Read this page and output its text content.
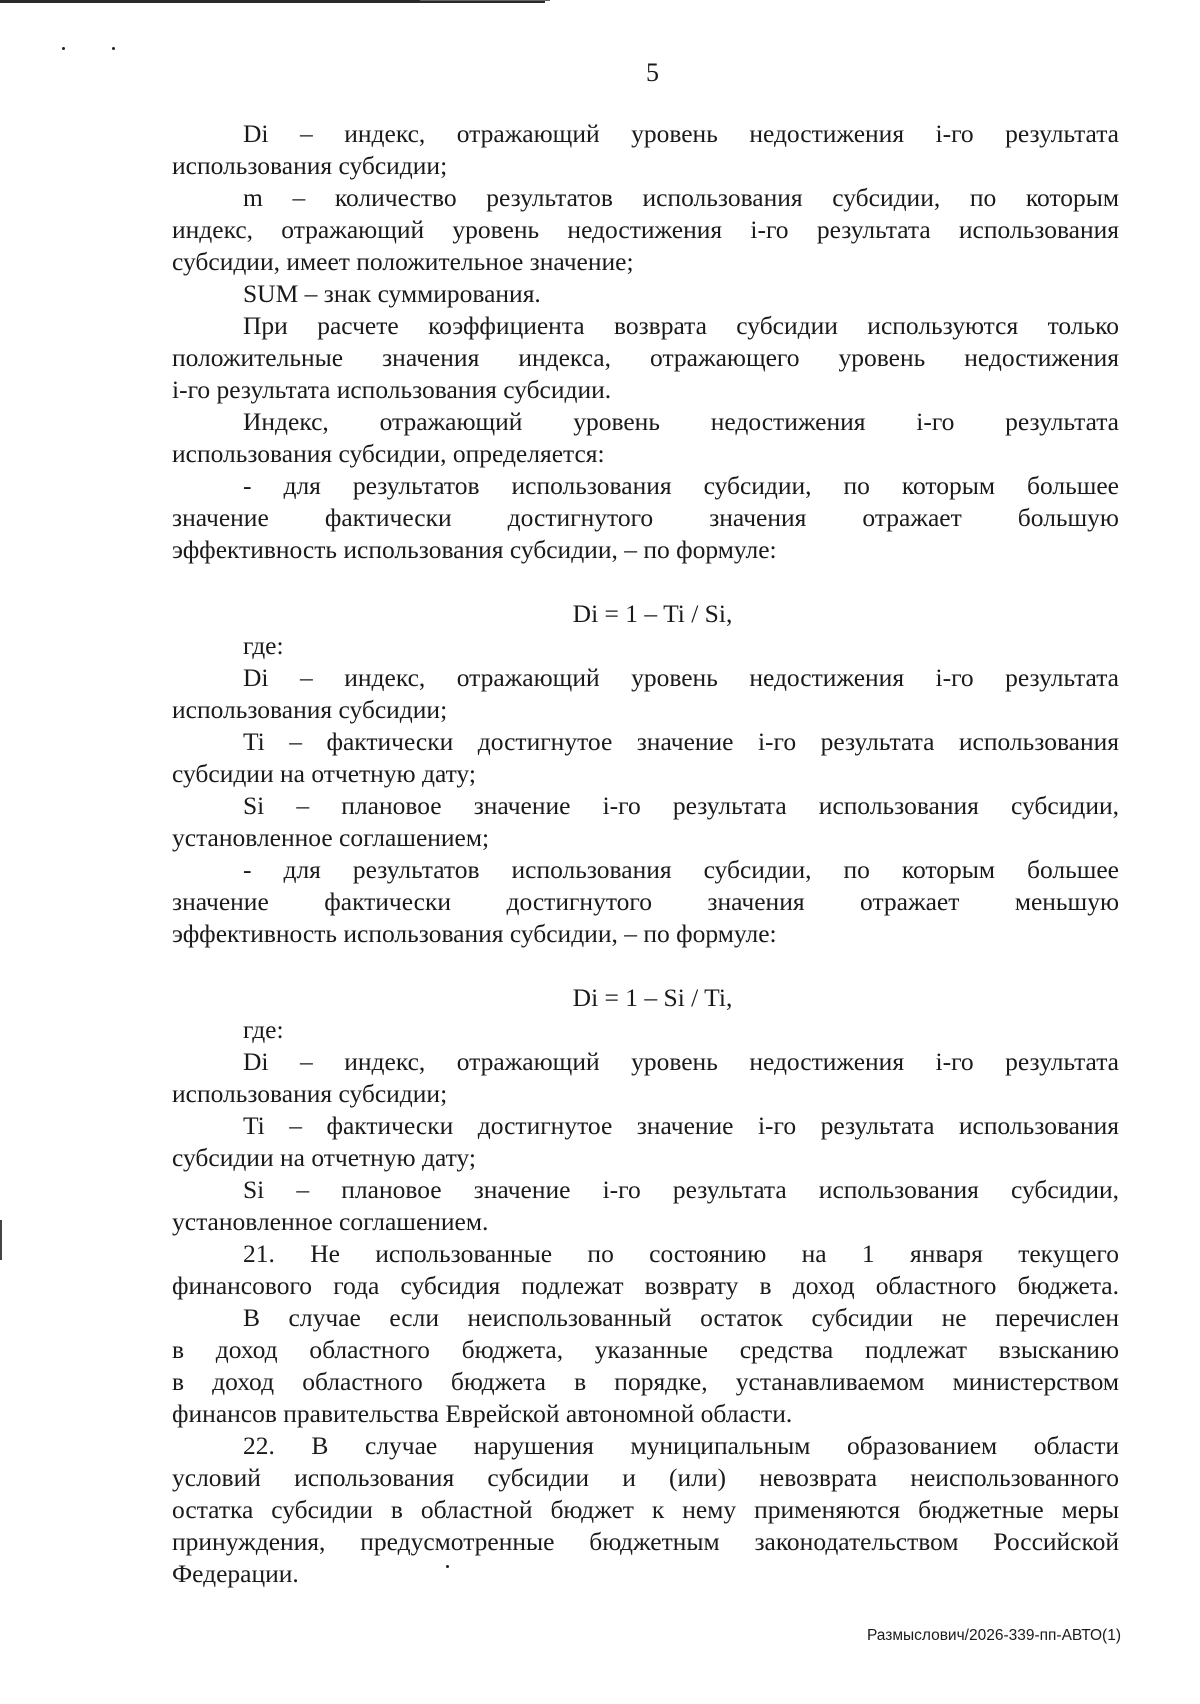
5
Di – индекс, отражающий уровень недостижения i-го результата
использования субсидии;
m – количество результатов использования субсидии, по которым
индекс, отражающий уровень недостижения i-го результата использования
субсидии, имеет положительное значение;
SUM – знак суммирования.
При расчете коэффициента возврата субсидии используются только
положительные значения индекса, отражающего уровень недостижения
i-го результата использования субсидии.
Индекс, отражающий уровень недостижения i-го результата
использования субсидии, определяется:
- для результатов использования субсидии, по которым большее
значение фактически достигнутого значения отражает большую
эффективность использования субсидии, – по формуле:
Di = 1 – Ti / Si,
где:
Di – индекс, отражающий уровень недостижения i-го результата
использования субсидии;
Ti – фактически достигнутое значение i-го результата использования
субсидии на отчетную дату;
Si – плановое значение i-го результата использования субсидии,
установленное соглашением;
- для результатов использования субсидии, по которым большее
значение фактически достигнутого значения отражает меньшую
эффективность использования субсидии, – по формуле:
Di = 1 – Si / Ti,
где:
Di – индекс, отражающий уровень недостижения i-го результата
использования субсидии;
Ti – фактически достигнутое значение i-го результата использования
субсидии на отчетную дату;
Si – плановое значение i-го результата использования субсидии,
установленное соглашением.
21. Не использованные по состоянию на 1 января текущего
финансового года субсидия подлежат возврату в доход областного бюджета.
В случае если неиспользованный остаток субсидии не перечислен
в доход областного бюджета, указанные средства подлежат взысканию
в доход областного бюджета в порядке, устанавливаемом министерством
финансов правительства Еврейской автономной области.
22. В случае нарушения муниципальным образованием области
условий использования субсидии и (или) невозврата неиспользованного
остатка субсидии в областной бюджет к нему применяются бюджетные меры
принуждения, предусмотренные бюджетным законодательством Российской
Федерации.
Размыслович/2026-339-пп-АВТО(1)
